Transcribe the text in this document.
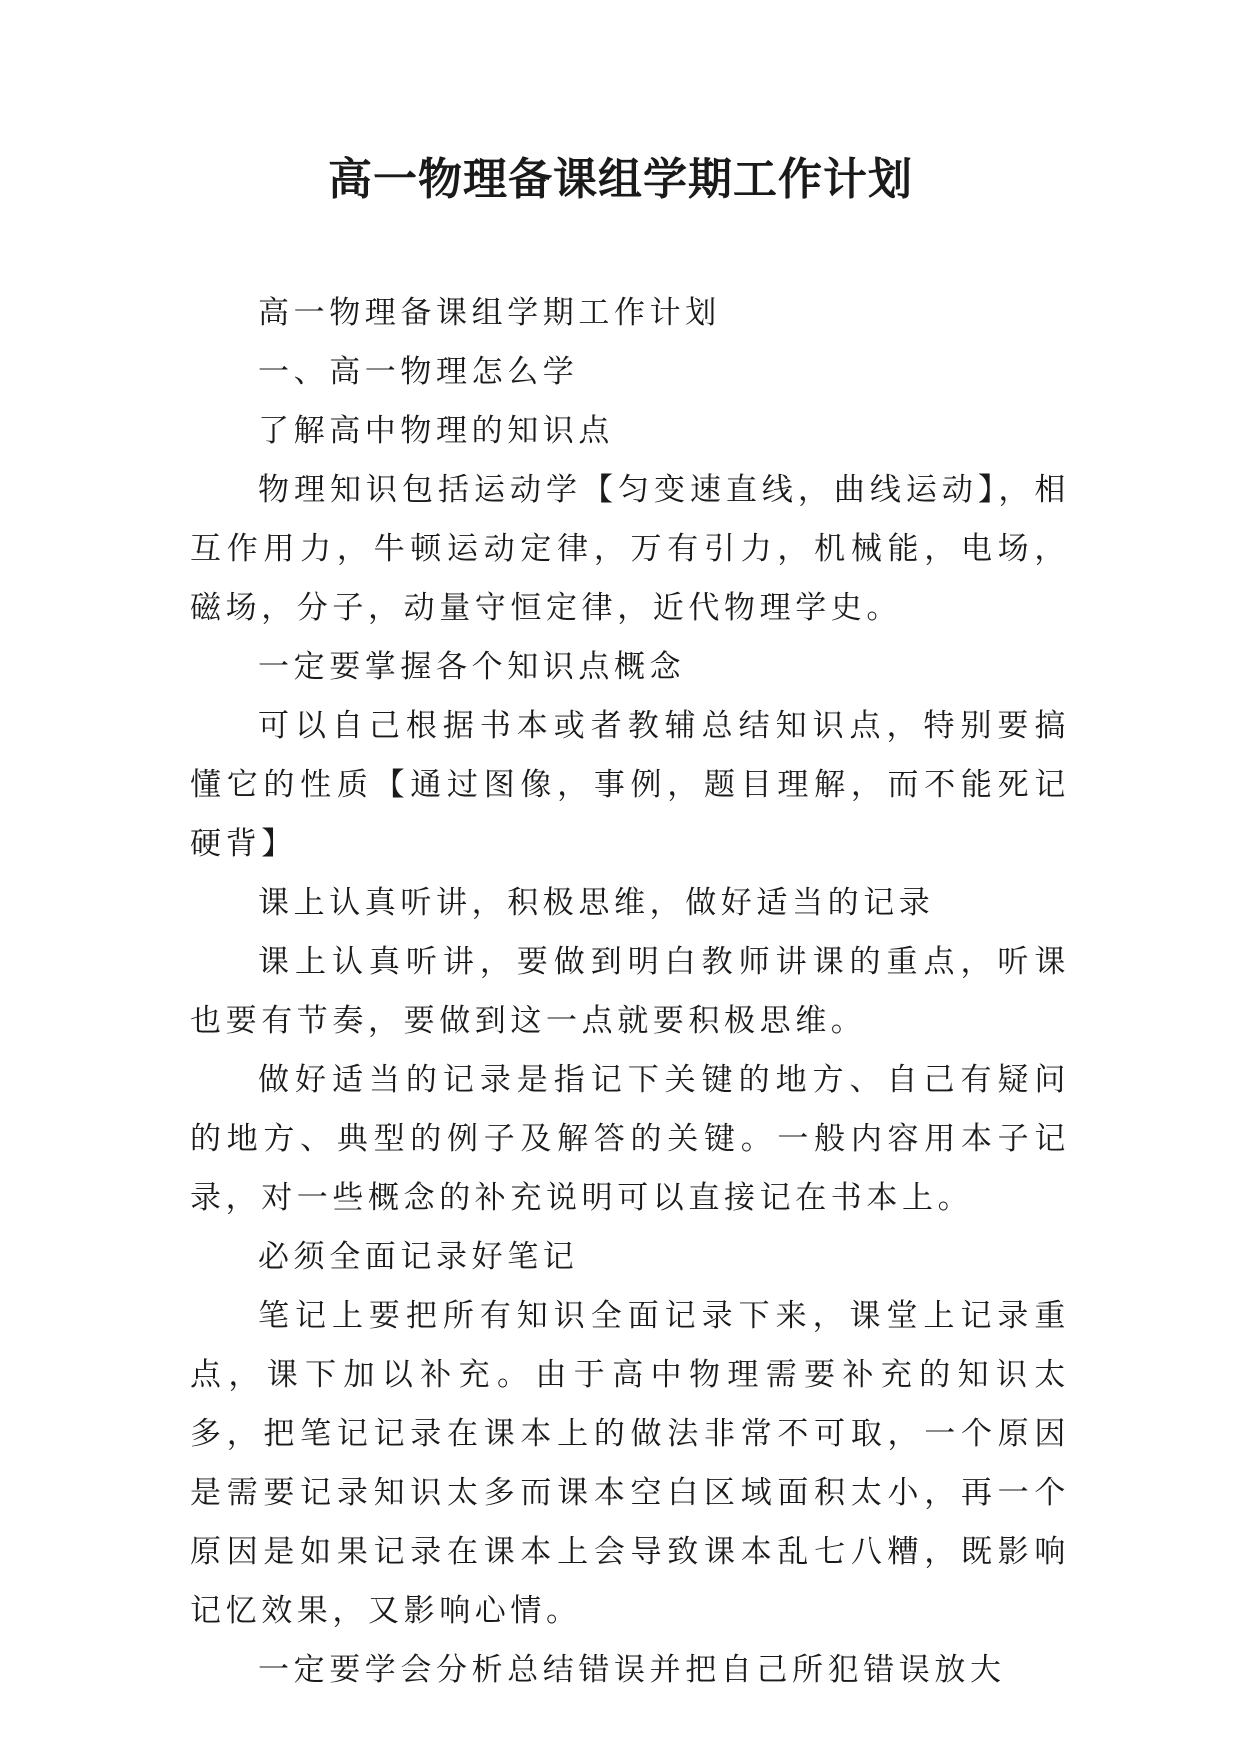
高一物理备课组学期工作计划

高一物理备课组学期工作计划

一、高一物理怎么学

了解高中物理的知识点

物理知识包括运动学【匀变速直线，曲线运动】，相互作用力，牛顿运动定律，万有引力，机械能，电场，磁场，分子，动量守恒定律，近代物理学史。

一定要掌握各个知识点概念

可以自己根据书本或者教辅总结知识点，特别要搞懂它的性质【通过图像，事例，题目理解，而不能死记硬背】

课上认真听讲，积极思维，做好适当的记录

课上认真听讲，要做到明白教师讲课的重点，听课也要有节奏，要做到这一点就要积极思维。

做好适当的记录是指记下关键的地方、自己有疑问的地方、典型的例子及解答的关键。一般内容用本子记录，对一些概念的补充说明可以直接记在书本上。

必须全面记录好笔记

笔记上要把所有知识全面记录下来，课堂上记录重点，课下加以补充。由于高中物理需要补充的知识太多，把笔记记录在课本上的做法非常不可取，一个原因是需要记录知识太多而课本空白区域面积太小，再一个原因是如果记录在课本上会导致课本乱七八糟，既影响记忆效果，又影响心情。

一定要学会分析总结错误并把自己所犯错误放大
